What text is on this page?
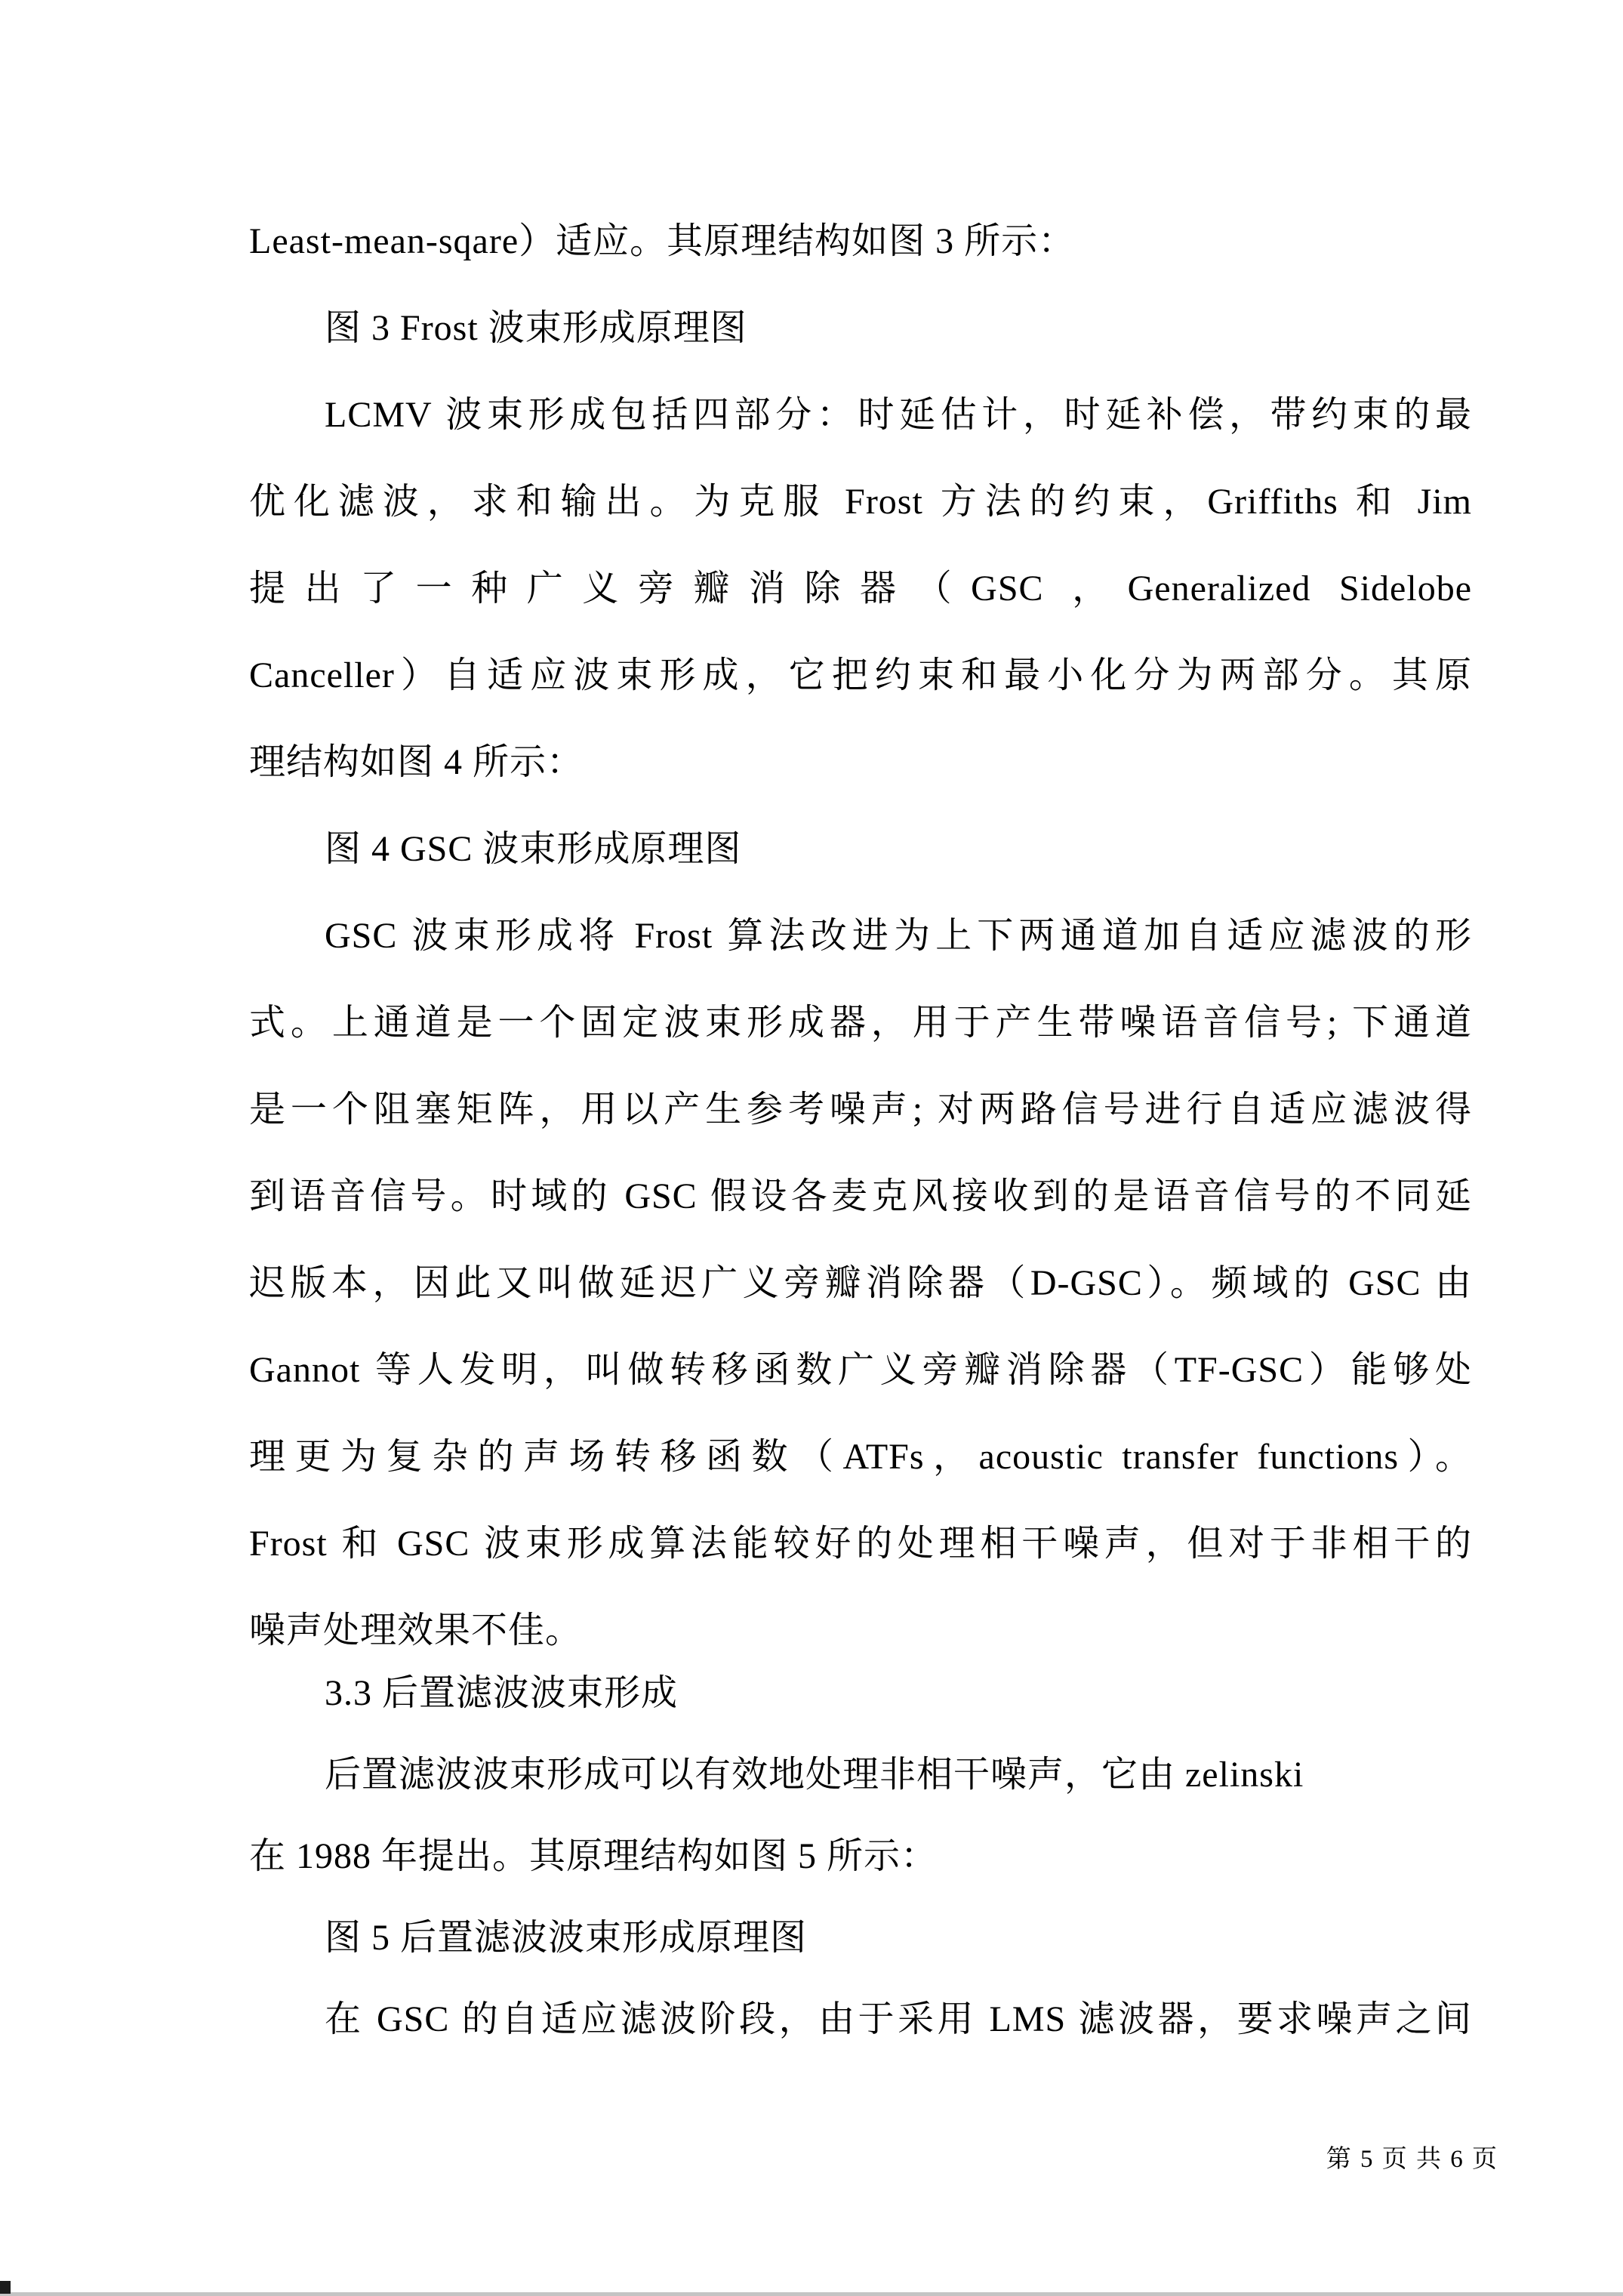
Least-mean-sqare）适应。其原理结构如图 3 所示：
图 3 Frost 波束形成原理图
LCMV 波束形成包括四部分：时延估计，时延补偿，带约束的最
优化滤波，求和输出。为克服 Frost 方法的约束，Griffiths 和 Jim
提出了一种广义旁瓣消除器（GSC ，Generalized Sidelobe
Canceller）自适应波束形成，它把约束和最小化分为两部分。其原
理结构如图 4 所示：
图 4 GSC 波束形成原理图
GSC 波束形成将 Frost 算法改进为上下两通道加自适应滤波的形
式。上通道是一个固定波束形成器，用于产生带噪语音信号; 下通道
是一个阻塞矩阵，用以产生参考噪声; 对两路信号进行自适应滤波得
到语音信号。时域的 GSC 假设各麦克风接收到的是语音信号的不同延
迟版本，因此又叫做延迟广义旁瓣消除器（D-GSC）。频域的 GSC 由
Gannot 等人发明，叫做转移函数广义旁瓣消除器（TF-GSC）能够处
理更为复杂的声场转移函数（ATFs，acoustic transfer functions）。
Frost 和 GSC 波束形成算法能较好的处理相干噪声，但对于非相干的
噪声处理效果不佳。
3.3 后置滤波波束形成
后置滤波波束形成可以有效地处理非相干噪声，它由 zelinski
在 1988 年提出。其原理结构如图 5 所示：
图 5 后置滤波波束形成原理图
在 GSC 的自适应滤波阶段，由于采用 LMS 滤波器，要求噪声之间
第 5 页 共 6 页
